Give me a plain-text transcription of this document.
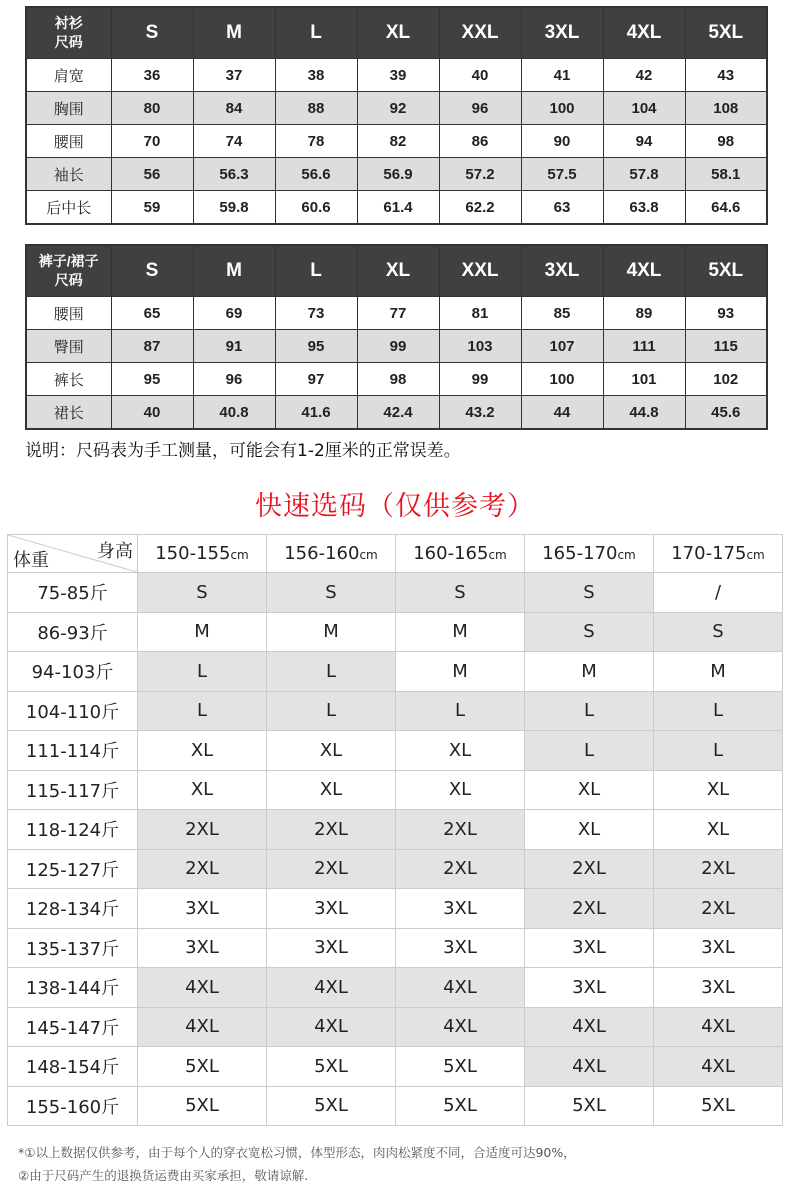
衬衫
尺码	S	M	L	XL	XXL	3XL	4XL	5XL
肩宽	36	37	38	39	40	41	42	43
胸围	80	84	88	92	96	100	104	108
腰围	70	74	78	82	86	90	94	98
袖长	56	56.3	56.6	56.9	57.2	57.5	57.8	58.1
后中长	59	59.8	60.6	61.4	62.2	63	63.8	64.6
裤子/裙子
尺码	S	M	L	XL	XXL	3XL	4XL	5XL
腰围	65	69	73	77	81	85	89	93
臀围	87	91	95	99	103	107	111	115
裤长	95	96	97	98	99	100	101	102
裙长	40	40.8	41.6	42.4	43.2	44	44.8	45.6
说明：尺码表为手工测量，可能会有1-2厘米的正常误差。
快速选码（仅供参考）
身高
体重	150-155cm	156-160cm	160-165cm	165-170cm	170-175cm
75-85斤	S	S	S	S	/
86-93斤	M	M	M	S	S
94-103斤	L	L	M	M	M
104-110斤	L	L	L	L	L
111-114斤	XL	XL	XL	L	L
115-117斤	XL	XL	XL	XL	XL
118-124斤	2XL	2XL	2XL	XL	XL
125-127斤	2XL	2XL	2XL	2XL	2XL
128-134斤	3XL	3XL	3XL	2XL	2XL
135-137斤	3XL	3XL	3XL	3XL	3XL
138-144斤	4XL	4XL	4XL	3XL	3XL
145-147斤	4XL	4XL	4XL	4XL	4XL
148-154斤	5XL	5XL	5XL	4XL	4XL
155-160斤	5XL	5XL	5XL	5XL	5XL
*①以上数据仅供参考，由于每个人的穿衣宽松习惯，体型形态，肉肉松紧度不同，合适度可达90%，
②由于尺码产生的退换货运费由买家承担，敬请谅解.
